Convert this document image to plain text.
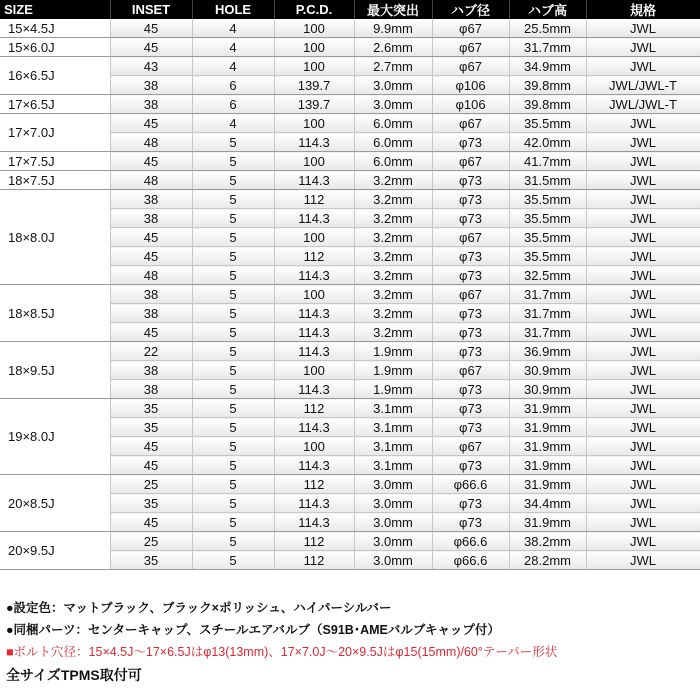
SIZE	INSET	HOLE	P.C.D.	最大突出	ハブ径	ハブ高	規格
15×4.5J	45	4	100	9.9mm	φ67	25.5mm	JWL
15×6.0J	45	4	100	2.6mm	φ67	31.7mm	JWL
16×6.5J	43	4	100	2.7mm	φ67	34.9mm	JWL
	38	6	139.7	3.0mm	φ106	39.8mm	JWL/JWL-T
17×6.5J	38	6	139.7	3.0mm	φ106	39.8mm	JWL/JWL-T
17×7.0J	45	4	100	6.0mm	φ67	35.5mm	JWL
	48	5	114.3	6.0mm	φ73	42.0mm	JWL
17×7.5J	45	5	100	6.0mm	φ67	41.7mm	JWL
18×7.5J	48	5	114.3	3.2mm	φ73	31.5mm	JWL
18×8.0J	38	5	112	3.2mm	φ73	35.5mm	JWL
	38	5	114.3	3.2mm	φ73	35.5mm	JWL
	45	5	100	3.2mm	φ67	35.5mm	JWL
	45	5	112	3.2mm	φ73	35.5mm	JWL
	48	5	114.3	3.2mm	φ73	32.5mm	JWL
18×8.5J	38	5	100	3.2mm	φ67	31.7mm	JWL
	38	5	114.3	3.2mm	φ73	31.7mm	JWL
	45	5	114.3	3.2mm	φ73	31.7mm	JWL
18×9.5J	22	5	114.3	1.9mm	φ73	36.9mm	JWL
	38	5	100	1.9mm	φ67	30.9mm	JWL
	38	5	114.3	1.9mm	φ73	30.9mm	JWL
19×8.0J	35	5	112	3.1mm	φ73	31.9mm	JWL
	35	5	114.3	3.1mm	φ73	31.9mm	JWL
	45	5	100	3.1mm	φ67	31.9mm	JWL
	45	5	114.3	3.1mm	φ73	31.9mm	JWL
20×8.5J	25	5	112	3.0mm	φ66.6	31.9mm	JWL
	35	5	114.3	3.0mm	φ73	34.4mm	JWL
	45	5	114.3	3.0mm	φ73	31.9mm	JWL
20×9.5J	25	5	112	3.0mm	φ66.6	38.2mm	JWL
	35	5	112	3.0mm	φ66.6	28.2mm	JWL
●設定色：マットブラック、ブラック×ポリッシュ、ハイパーシルバー
●同梱パーツ：センターキャップ、スチールエアバルブ（S91B･AMEバルブキャップ付）
■ボルト穴径：15×4.5J～17×6.5Jはφ13(13mm)、17×7.0J～20×9.5Jはφ15(15mm)/60°テーパー形状
全サイズTPMS取付可
